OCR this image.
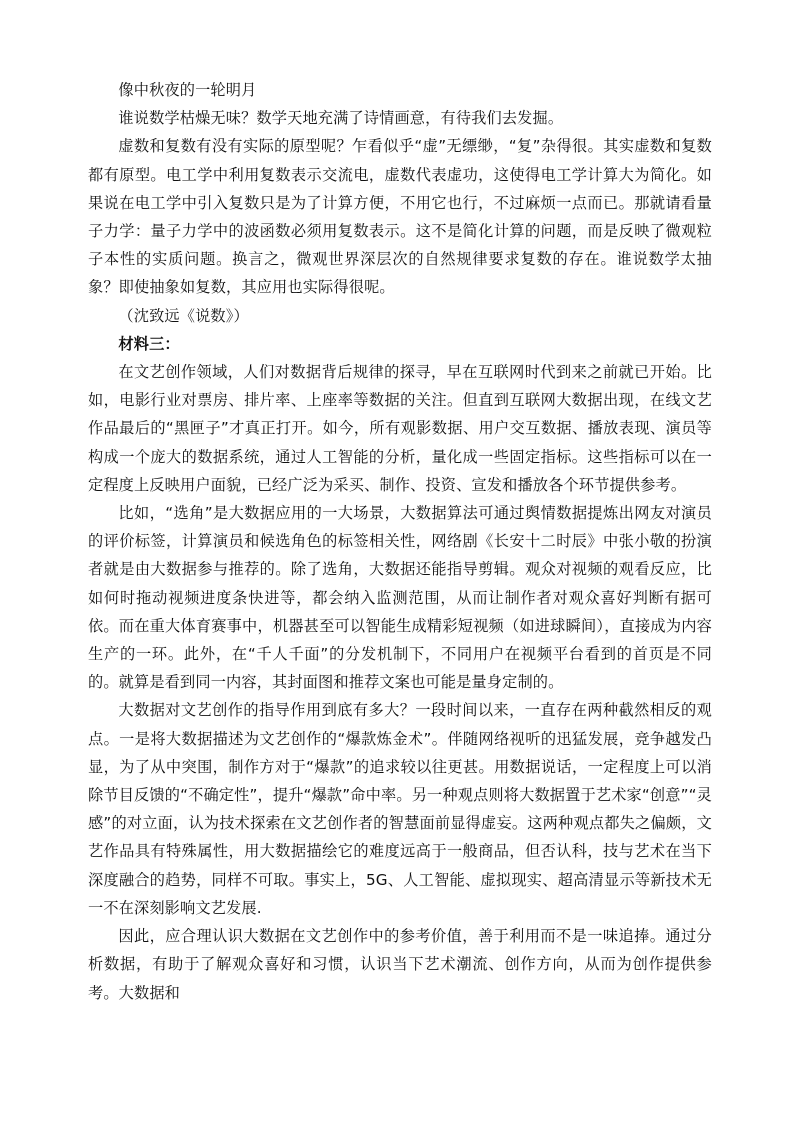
像中秋夜的一轮明月

谁说数学枯燥无味？数学天地充满了诗情画意，有待我们去发掘。

虚数和复数有没有实际的原型呢？乍看似乎“虚”无缥缈，“复”杂得很。其实虚数和复数都有原型。电工学中利用复数表示交流电，虚数代表虚功，这使得电工学计算大为简化。如果说在电工学中引入复数只是为了计算方便，不用它也行，不过麻烦一点而已。那就请看量子力学：量子力学中的波函数必须用复数表示。这不是简化计算的问题，而是反映了微观粒子本性的实质问题。换言之，微观世界深层次的自然规律要求复数的存在。谁说数学太抽象？即使抽象如复数，其应用也实际得很呢。

（沈致远《说数》）

材料三：

在文艺创作领域，人们对数据背后规律的探寻，早在互联网时代到来之前就已开始。比如，电影行业对票房、排片率、上座率等数据的关注。但直到互联网大数据出现，在线文艺作品最后的“黑匣子”才真正打开。如今，所有观影数据、用户交互数据、播放表现、演员等构成一个庞大的数据系统，通过人工智能的分析，量化成一些固定指标。这些指标可以在一定程度上反映用户面貌，已经广泛为采买、制作、投资、宣发和播放各个环节提供参考。

比如，“选角”是大数据应用的一大场景，大数据算法可通过舆情数据提炼出网友对演员的评价标签，计算演员和候选角色的标签相关性，网络剧《长安十二时辰》中张小敬的扮演者就是由大数据参与推荐的。除了选角，大数据还能指导剪辑。观众对视频的观看反应，比如何时拖动视频进度条快进等，都会纳入监测范围，从而让制作者对观众喜好判断有据可依。而在重大体育赛事中，机器甚至可以智能生成精彩短视频（如进球瞬间），直接成为内容生产的一环。此外，在“千人千面”的分发机制下，不同用户在视频平台看到的首页是不同的。就算是看到同一内容，其封面图和推荐文案也可能是量身定制的。

大数据对文艺创作的指导作用到底有多大？一段时间以来，一直存在两种截然相反的观点。一是将大数据描述为文艺创作的“爆款炼金术”。伴随网络视听的迅猛发展，竞争越发凸显，为了从中突围，制作方对于“爆款”的追求较以往更甚。用数据说话，一定程度上可以消除节目反馈的“不确定性”，提升“爆款”命中率。另一种观点则将大数据置于艺术家“创意”“灵感”的对立面，认为技术探索在文艺创作者的智慧面前显得虚妄。这两种观点都失之偏颇，文艺作品具有特殊属性，用大数据描绘它的难度远高于一般商品，但否认科，技与艺术在当下深度融合的趋势，同样不可取。事实上，5G、人工智能、虚拟现实、超高清显示等新技术无一不在深刻影响文艺发展.

因此，应合理认识大数据在文艺创作中的参考价值，善于利用而不是一味追捧。通过分析数据，有助于了解观众喜好和习惯，认识当下艺术潮流、创作方向，从而为创作提供参考。大数据和
